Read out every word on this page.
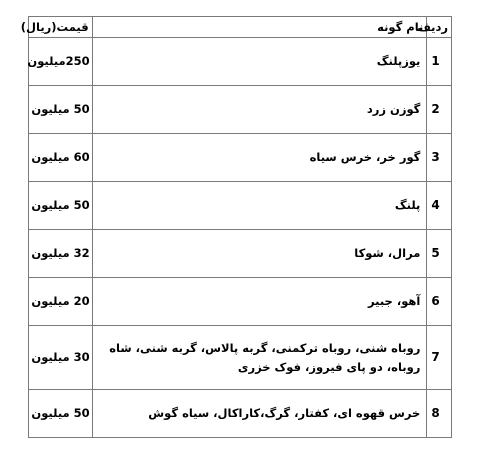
ردیف	نام گونه	قیمت(ریال)
1	یوزپلنگ	250میلیون
2	گوزن زرد	50 میلیون
3	گور خر، خرس سیاه	60 میلیون
4	پلنگ	50 میلیون
5	مرال، شوکا	32 میلیون
6	آهو، جبیر	20 میلیون
7	روباه شنی، روباه ترکمنی، گربه پالاس، گربه شنی، شاه روباه، دو پای فیروز، فوک خزری	30 میلیون
8	خرس قهوه ای، کفتار، گرگ،کاراکال، سیاه گوش	50 میلیون
